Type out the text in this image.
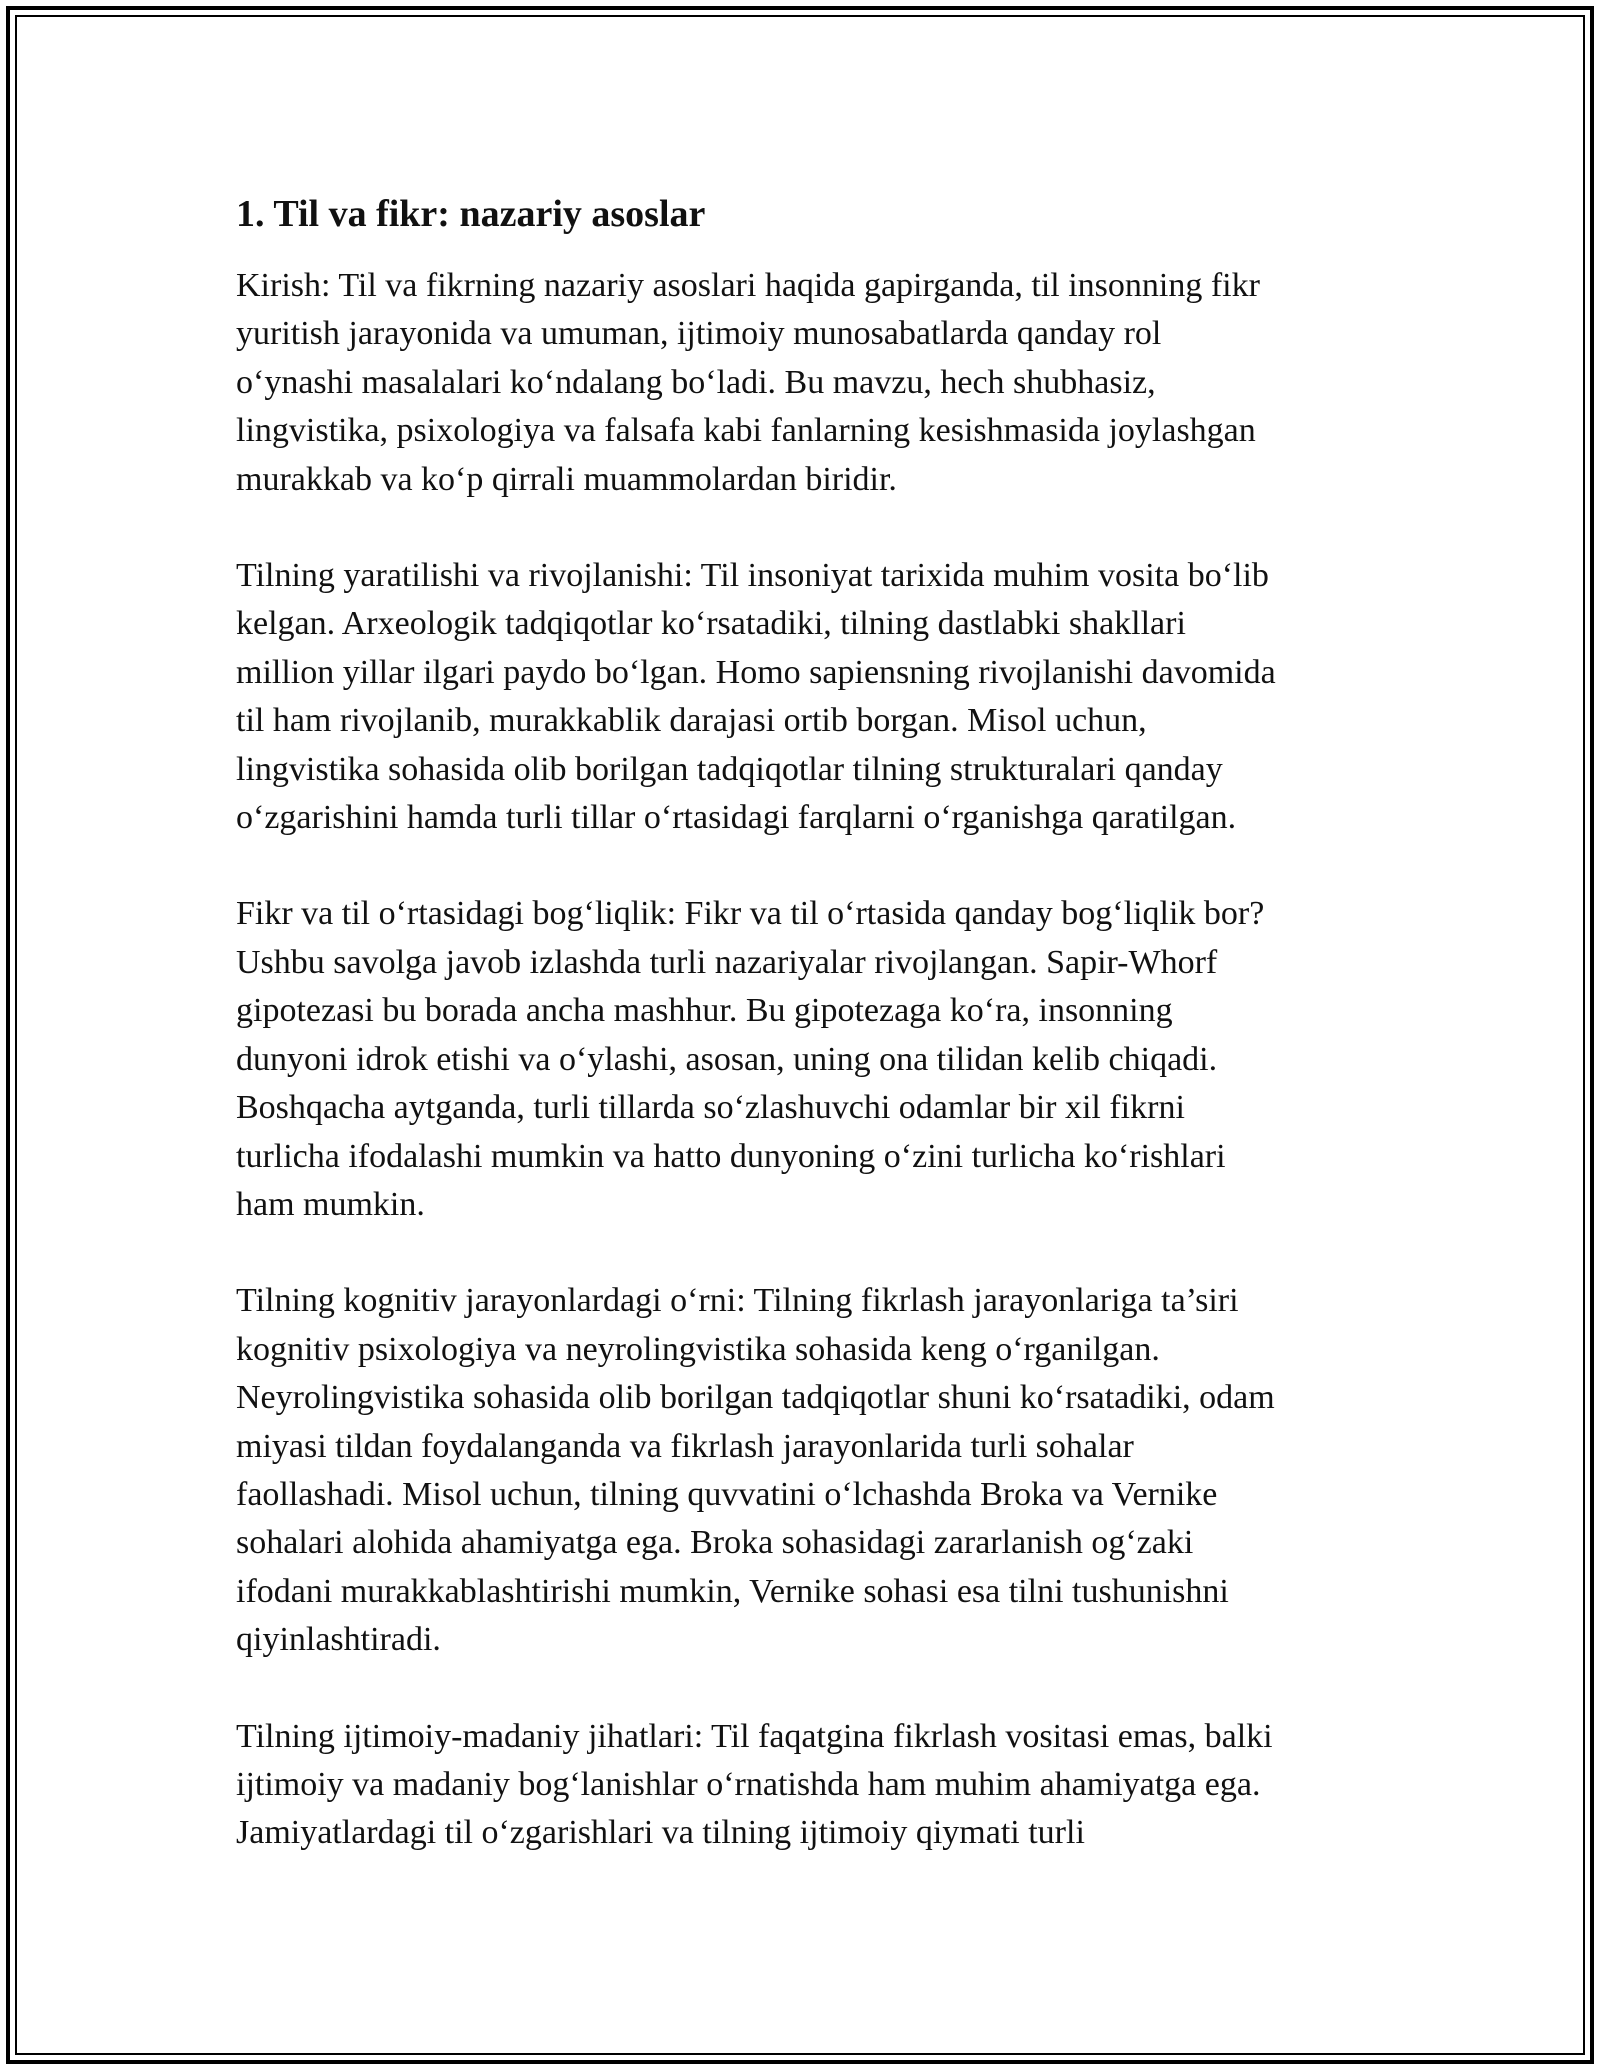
1. Til va fikr: nazariy asoslar

Kirish: Til va fikrning nazariy asoslari haqida gapirganda, til insonning fikr
yuritish jarayonida va umuman, ijtimoiy munosabatlarda qanday rol
o‘ynashi masalalari ko‘ndalang bo‘ladi. Bu mavzu, hech shubhasiz,
lingvistika, psixologiya va falsafa kabi fanlarning kesishmasida joylashgan
murakkab va ko‘p qirrali muammolardan biridir.

Tilning yaratilishi va rivojlanishi: Til insoniyat tarixida muhim vosita bo‘lib
kelgan. Arxeologik tadqiqotlar ko‘rsatadiki, tilning dastlabki shakllari
million yillar ilgari paydo bo‘lgan. Homo sapiensning rivojlanishi davomida
til ham rivojlanib, murakkablik darajasi ortib borgan. Misol uchun,
lingvistika sohasida olib borilgan tadqiqotlar tilning strukturalari qanday
o‘zgarishini hamda turli tillar o‘rtasidagi farqlarni o‘rganishga qaratilgan.

Fikr va til o‘rtasidagi bog‘liqlik: Fikr va til o‘rtasida qanday bog‘liqlik bor?
Ushbu savolga javob izlashda turli nazariyalar rivojlangan. Sapir-Whorf
gipotezasi bu borada ancha mashhur. Bu gipotezaga ko‘ra, insonning
dunyoni idrok etishi va o‘ylashi, asosan, uning ona tilidan kelib chiqadi.
Boshqacha aytganda, turli tillarda so‘zlashuvchi odamlar bir xil fikrni
turlicha ifodalashi mumkin va hatto dunyoning o‘zini turlicha ko‘rishlari
ham mumkin.

Tilning kognitiv jarayonlardagi o‘rni: Tilning fikrlash jarayonlariga ta’siri
kognitiv psixologiya va neyrolingvistika sohasida keng o‘rganilgan.
Neyrolingvistika sohasida olib borilgan tadqiqotlar shuni ko‘rsatadiki, odam
miyasi tildan foydalanganda va fikrlash jarayonlarida turli sohalar
faollashadi. Misol uchun, tilning quvvatini o‘lchashda Broka va Vernike
sohalari alohida ahamiyatga ega. Broka sohasidagi zararlanish og‘zaki
ifodani murakkablashtirishi mumkin, Vernike sohasi esa tilni tushunishni
qiyinlashtiradi.

Tilning ijtimoiy-madaniy jihatlari: Til faqatgina fikrlash vositasi emas, balki
ijtimoiy va madaniy bog‘lanishlar o‘rnatishda ham muhim ahamiyatga ega.
Jamiyatlardagi til o‘zgarishlari va tilning ijtimoiy qiymati turli
